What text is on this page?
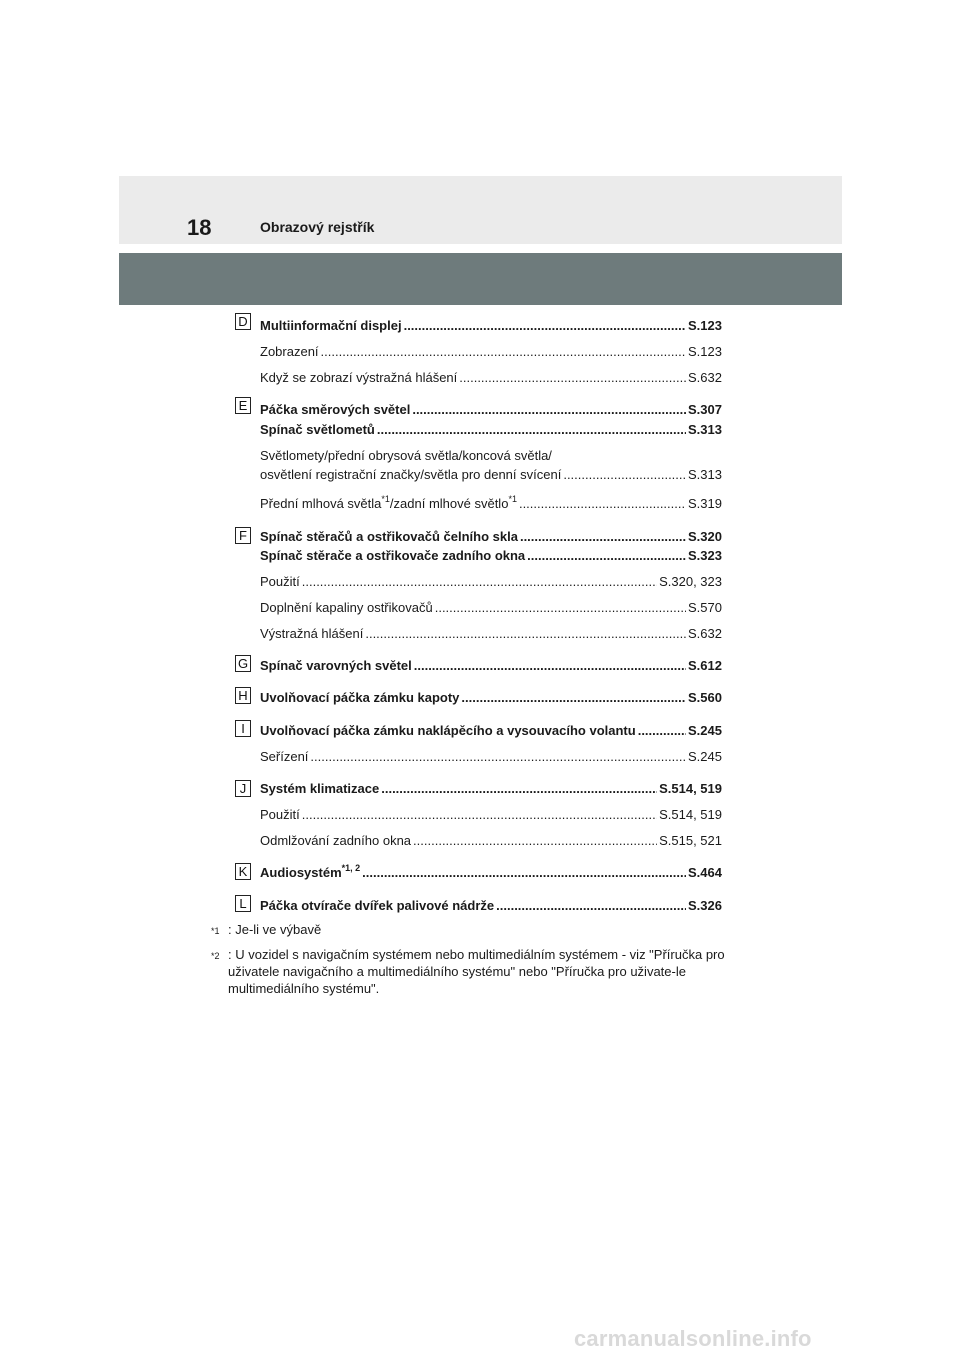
18	Obrazový rejstřík
D
E
F
G
H
I
J
K
L
Multiinformační displej .....	S.123
Zobrazení .....	S.123
Když se zobrazí výstražná hlášení .....	S.632
Páčka směrových světel .....	S.307
Spínač světlometů .....	S.313
Světlomety/přední obrysová světla/koncová světla/
osvětlení registrační značky/světla pro denní svícení .....	S.313
Přední mlhová světla$^{*1}$/zadní mlhové světlo$^{*1}$ .....	S.319
Spínač stěračů a ostřikovačů čelního skla .....	S.320
Spínač stěrače a ostřikovače zadního okna .....	S.323
Použití .....	S.320, 323
Doplnění kapaliny ostřikovačů .....	S.570
Výstražná hlášení .....	S.632
Spínač varovných světel .....	S.612
Uvolňovací páčka zámku kapoty .....	S.560
Uvolňovací páčka zámku naklápěcího a vysouvacího volantu .....	S.245
Seřízení .....	S.245
Systém klimatizace .....	S.514, 519
Použití .....	S.514, 519
Odmlžování zadního okna .....	S.515, 521
Audiosystém$^{*1, 2}$ .....	S.464
Páčka otvírače dvířek palivové nádrže .....	S.326
*1 : Je-li ve výbavě
*2 : U vozidel s navigačním systémem nebo multimediálním systémem - viz "Příručka pro uživatele navigačního a multimediálního systému" nebo "Příručka pro uživate-le multimediálního systému".
carmanualsonline.info
